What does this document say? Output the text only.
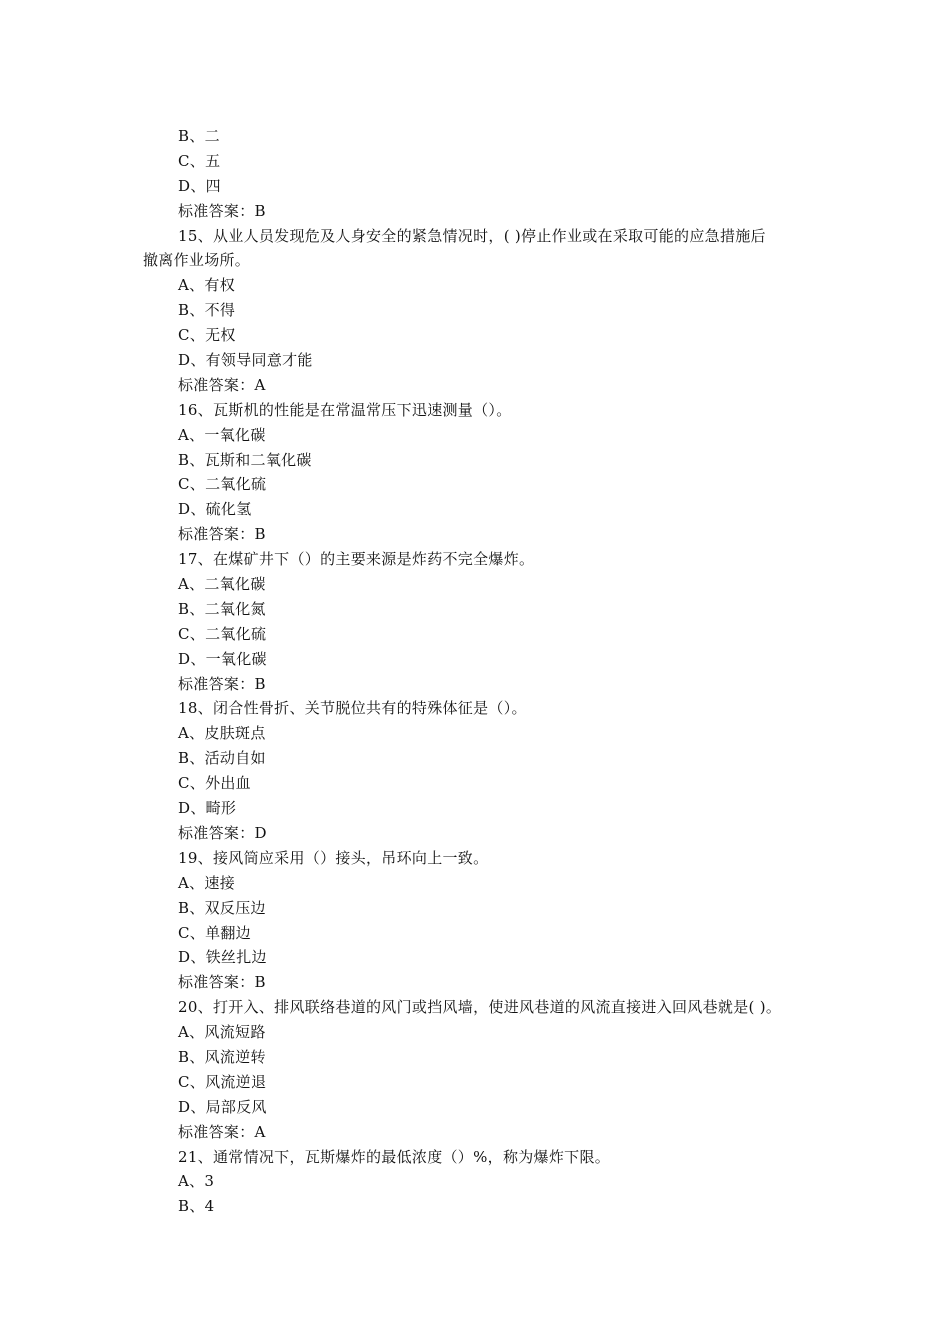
B、二
C、五
D、四
标准答案：B
15、从业人员发现危及人身安全的紧急情况时，( )停止作业或在采取可能的应急措施后
撤离作业场所。
A、有权
B、不得
C、无权
D、有领导同意才能
标准答案：A
16、瓦斯机的性能是在常温常压下迅速测量（）。
A、一氧化碳
B、瓦斯和二氧化碳
C、二氧化硫
D、硫化氢
标准答案：B
17、在煤矿井下（）的主要来源是炸药不完全爆炸。
A、二氧化碳
B、二氧化氮
C、二氧化硫
D、一氧化碳
标准答案：B
18、闭合性骨折、关节脱位共有的特殊体征是（）。
A、皮肤斑点
B、活动自如
C、外出血
D、畸形
标准答案：D
19、接风筒应采用（）接头，吊环向上一致。
A、速接
B、双反压边
C、单翻边
D、铁丝扎边
标准答案：B
20、打开入、排风联络巷道的风门或挡风墙，使进风巷道的风流直接进入回风巷就是( )。
A、风流短路
B、风流逆转
C、风流逆退
D、局部反风
标准答案：A
21、通常情况下，瓦斯爆炸的最低浓度（）%，称为爆炸下限。
A、3
B、4
